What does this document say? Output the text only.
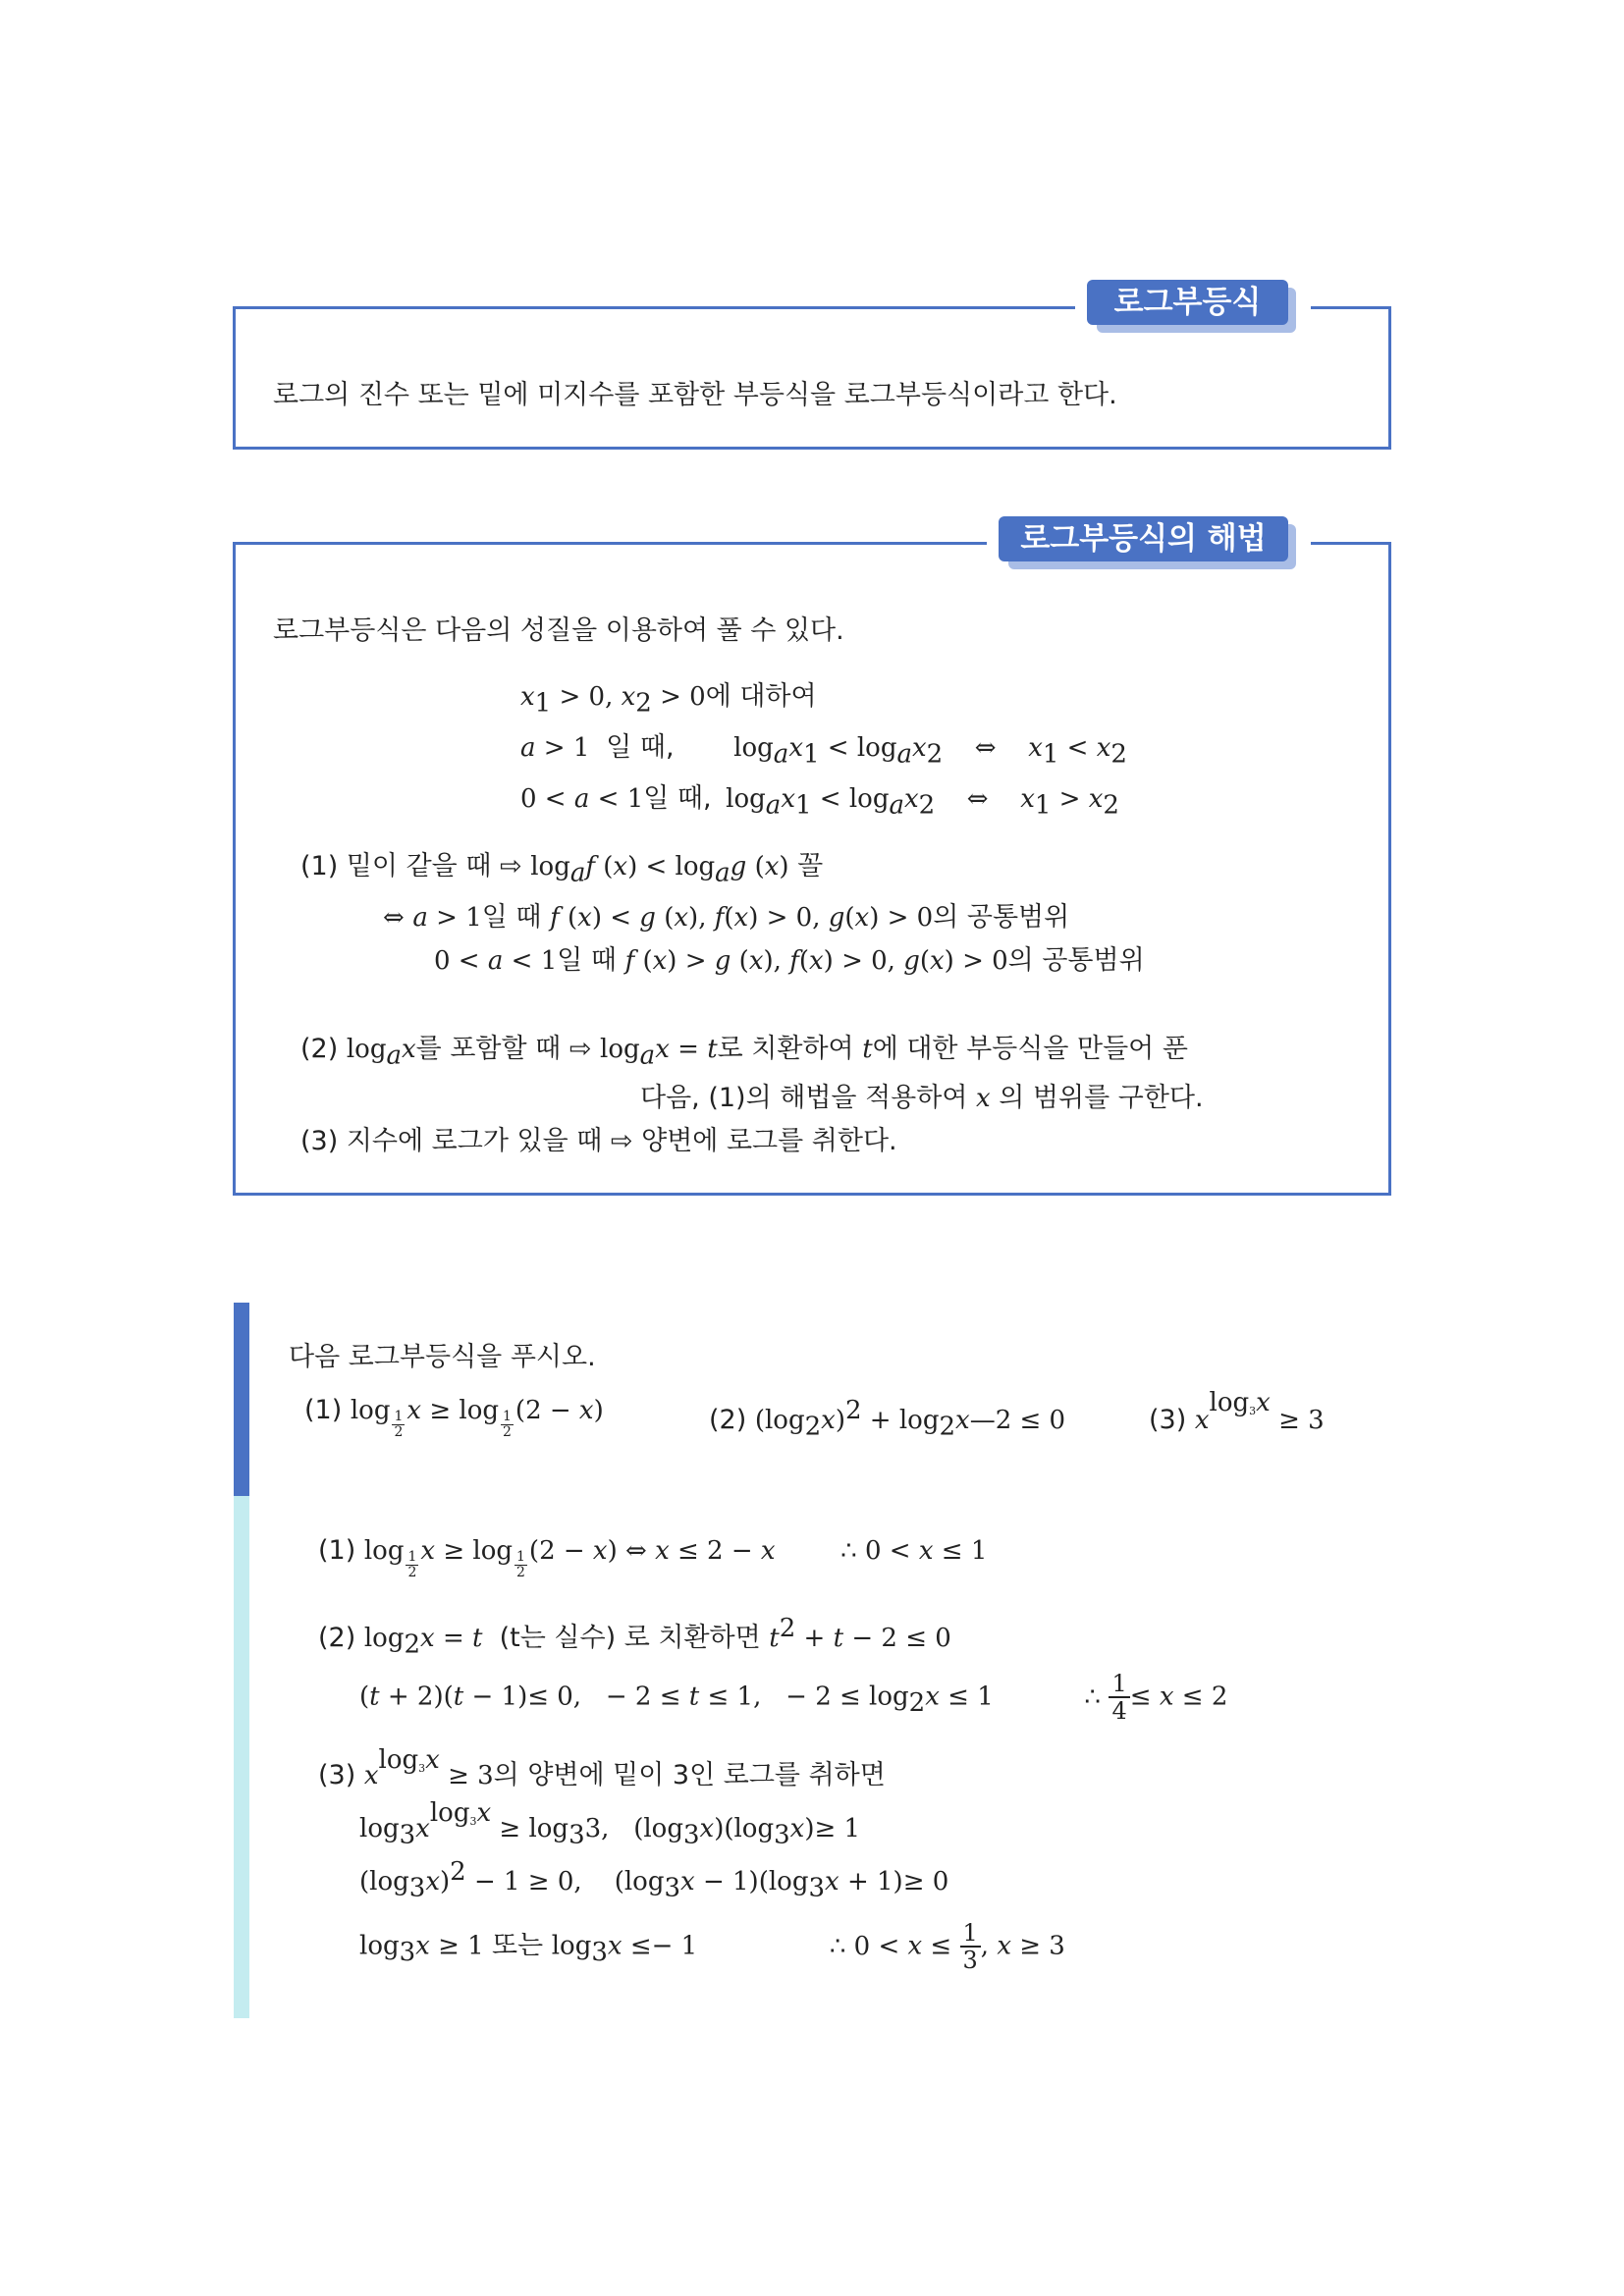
로그부등식
로그의 진수 또는 밑에 미지수를 포함한 부등식을 로그부등식이라고 한다.
로그부등식의 해법
로그부등식은 다음의 성질을 이용하여 풀 수 있다.
$x_1 > 0$, $x_2 > 0$에 대하여
a > 1  일 때, $\log_ax_1 < \log_ax_2$ ⇔ $x_1 < x_2$
0 < a < 1일 때, $\log_ax_1 < \log_ax_2$ ⇔ $x_1 > x_2$
(1) 밑이 같을 때 ⇨ $\log_af$ $(x) < \log_ag$ (x) 꼴
⇔ a > 1일 때 f (x) < g (x), f(x) > 0, g(x) > 0의 공통범위
0 < a < 1일 때 f (x) > g (x), f(x) > 0, g(x) > 0의 공통범위
(2) $\log_ax$를 포함할 때 ⇨ $\log_ax = t$로 치환하여 t에 대한 부등식을 만들어 푼
다음, (1)의 해법을 적용하여 x 의 범위를 구한다.
(3) 지수에 로그가 있을 때 ⇨ 양변에 로그를 취한다.
다음 로그부등식을 푸시오.
(1) $\log \frac{1}{2}$ $x \ge \log \frac{1}{2} (2 - x)$	(2) $(\log_2x)^2$ + $\log_2x—2 \le 0$	(3) $x^{log_3x} \ge 3$
(1) $\log \frac{1}{2}$ $x \ge \log \frac{1}{2} (2 - x)$ ⇔ x ≤ 2 − x	∴ 0 < x ≤ 1
(2) $\log_2x = t$ (t는 실수) 로 치환하면 $t^2 + t - 2 \le 0$
(t + 2)(t − 1)≤ 0,   − 2 ≤ t ≤ 1,   − $2 \le \log_2x \le 1$	∴ $\frac{1}{4} \le x \le 2$
(3) $x^{log_3x} \ge 3$의 양변에 밑이 3인 로그를 취하면
$\log_3x^{log_3x} \ge \log_33$,   $(\log_3x)(\log_3x)\ge 1$
$(\log_3x)^2 - 1 \ge 0$,    $(\log_3x - 1)(\log_3x + 1)\ge 0$
$\log_3x \ge 1$ 또는 $\log_3x \le- 1$	∴ $0 < x \le \frac{1}{3}$ , x ≥ 3
